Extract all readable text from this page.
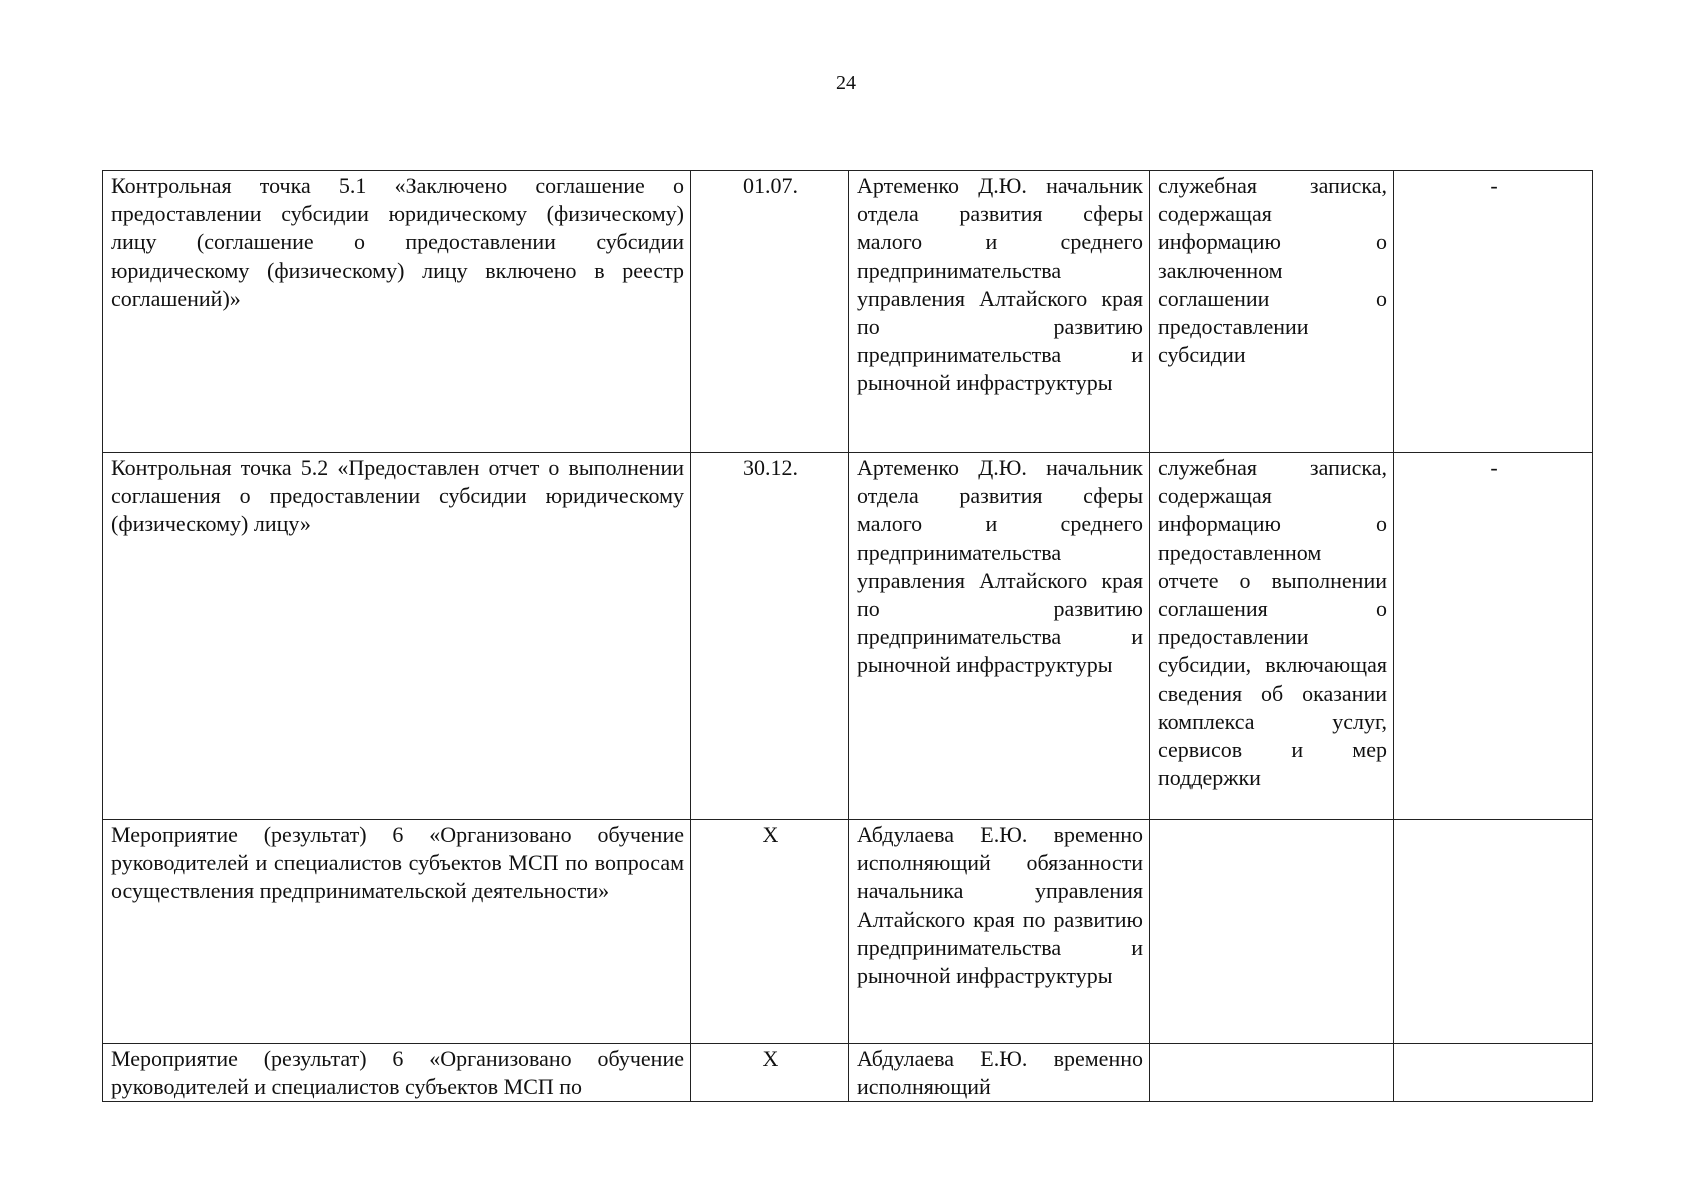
24
Контрольная точка 5.1 «Заключено соглашение о предоставлении субсидии юридическому (физическому) лицу (соглашение о предоставлении субсидии юридическому (физическому) лицу включено в реестр соглашений)»	01.07.	Артеменко Д.Ю. начальник отдела развития сферы малого и среднего предпринимательства управления Алтайского края по развитию предпринимательства и рыночной инфраструктуры	служебная записка, содержащая информацию о заключенном соглашении о предоставлении субсидии	-

Контрольная точка 5.2 «Предоставлен отчет о выполнении соглашения о предоставлении субсидии юридическому (физическому) лицу»	30.12.	Артеменко Д.Ю. начальник отдела развития сферы малого и среднего предпринимательства управления Алтайского края по развитию предпринимательства и рыночной инфраструктуры	служебная записка, содержащая информацию о предоставленном отчете о выполнении соглашения о предоставлении субсидии, включающая сведения об оказании комплекса услуг, сервисов и мер поддержки	-

Мероприятие (результат) 6 «Организовано обучение руководителей и специалистов субъектов МСП по вопросам осуществления предпринимательской деятельности»	Х	Абдулаева Е.Ю. временно исполняющий обязанности начальника управления Алтайского края по развитию предпринимательства и рыночной инфраструктуры		

Мероприятие (результат) 6 «Организовано обучение руководителей и специалистов субъектов МСП по	Х	Абдулаева Е.Ю. временно исполняющий		
